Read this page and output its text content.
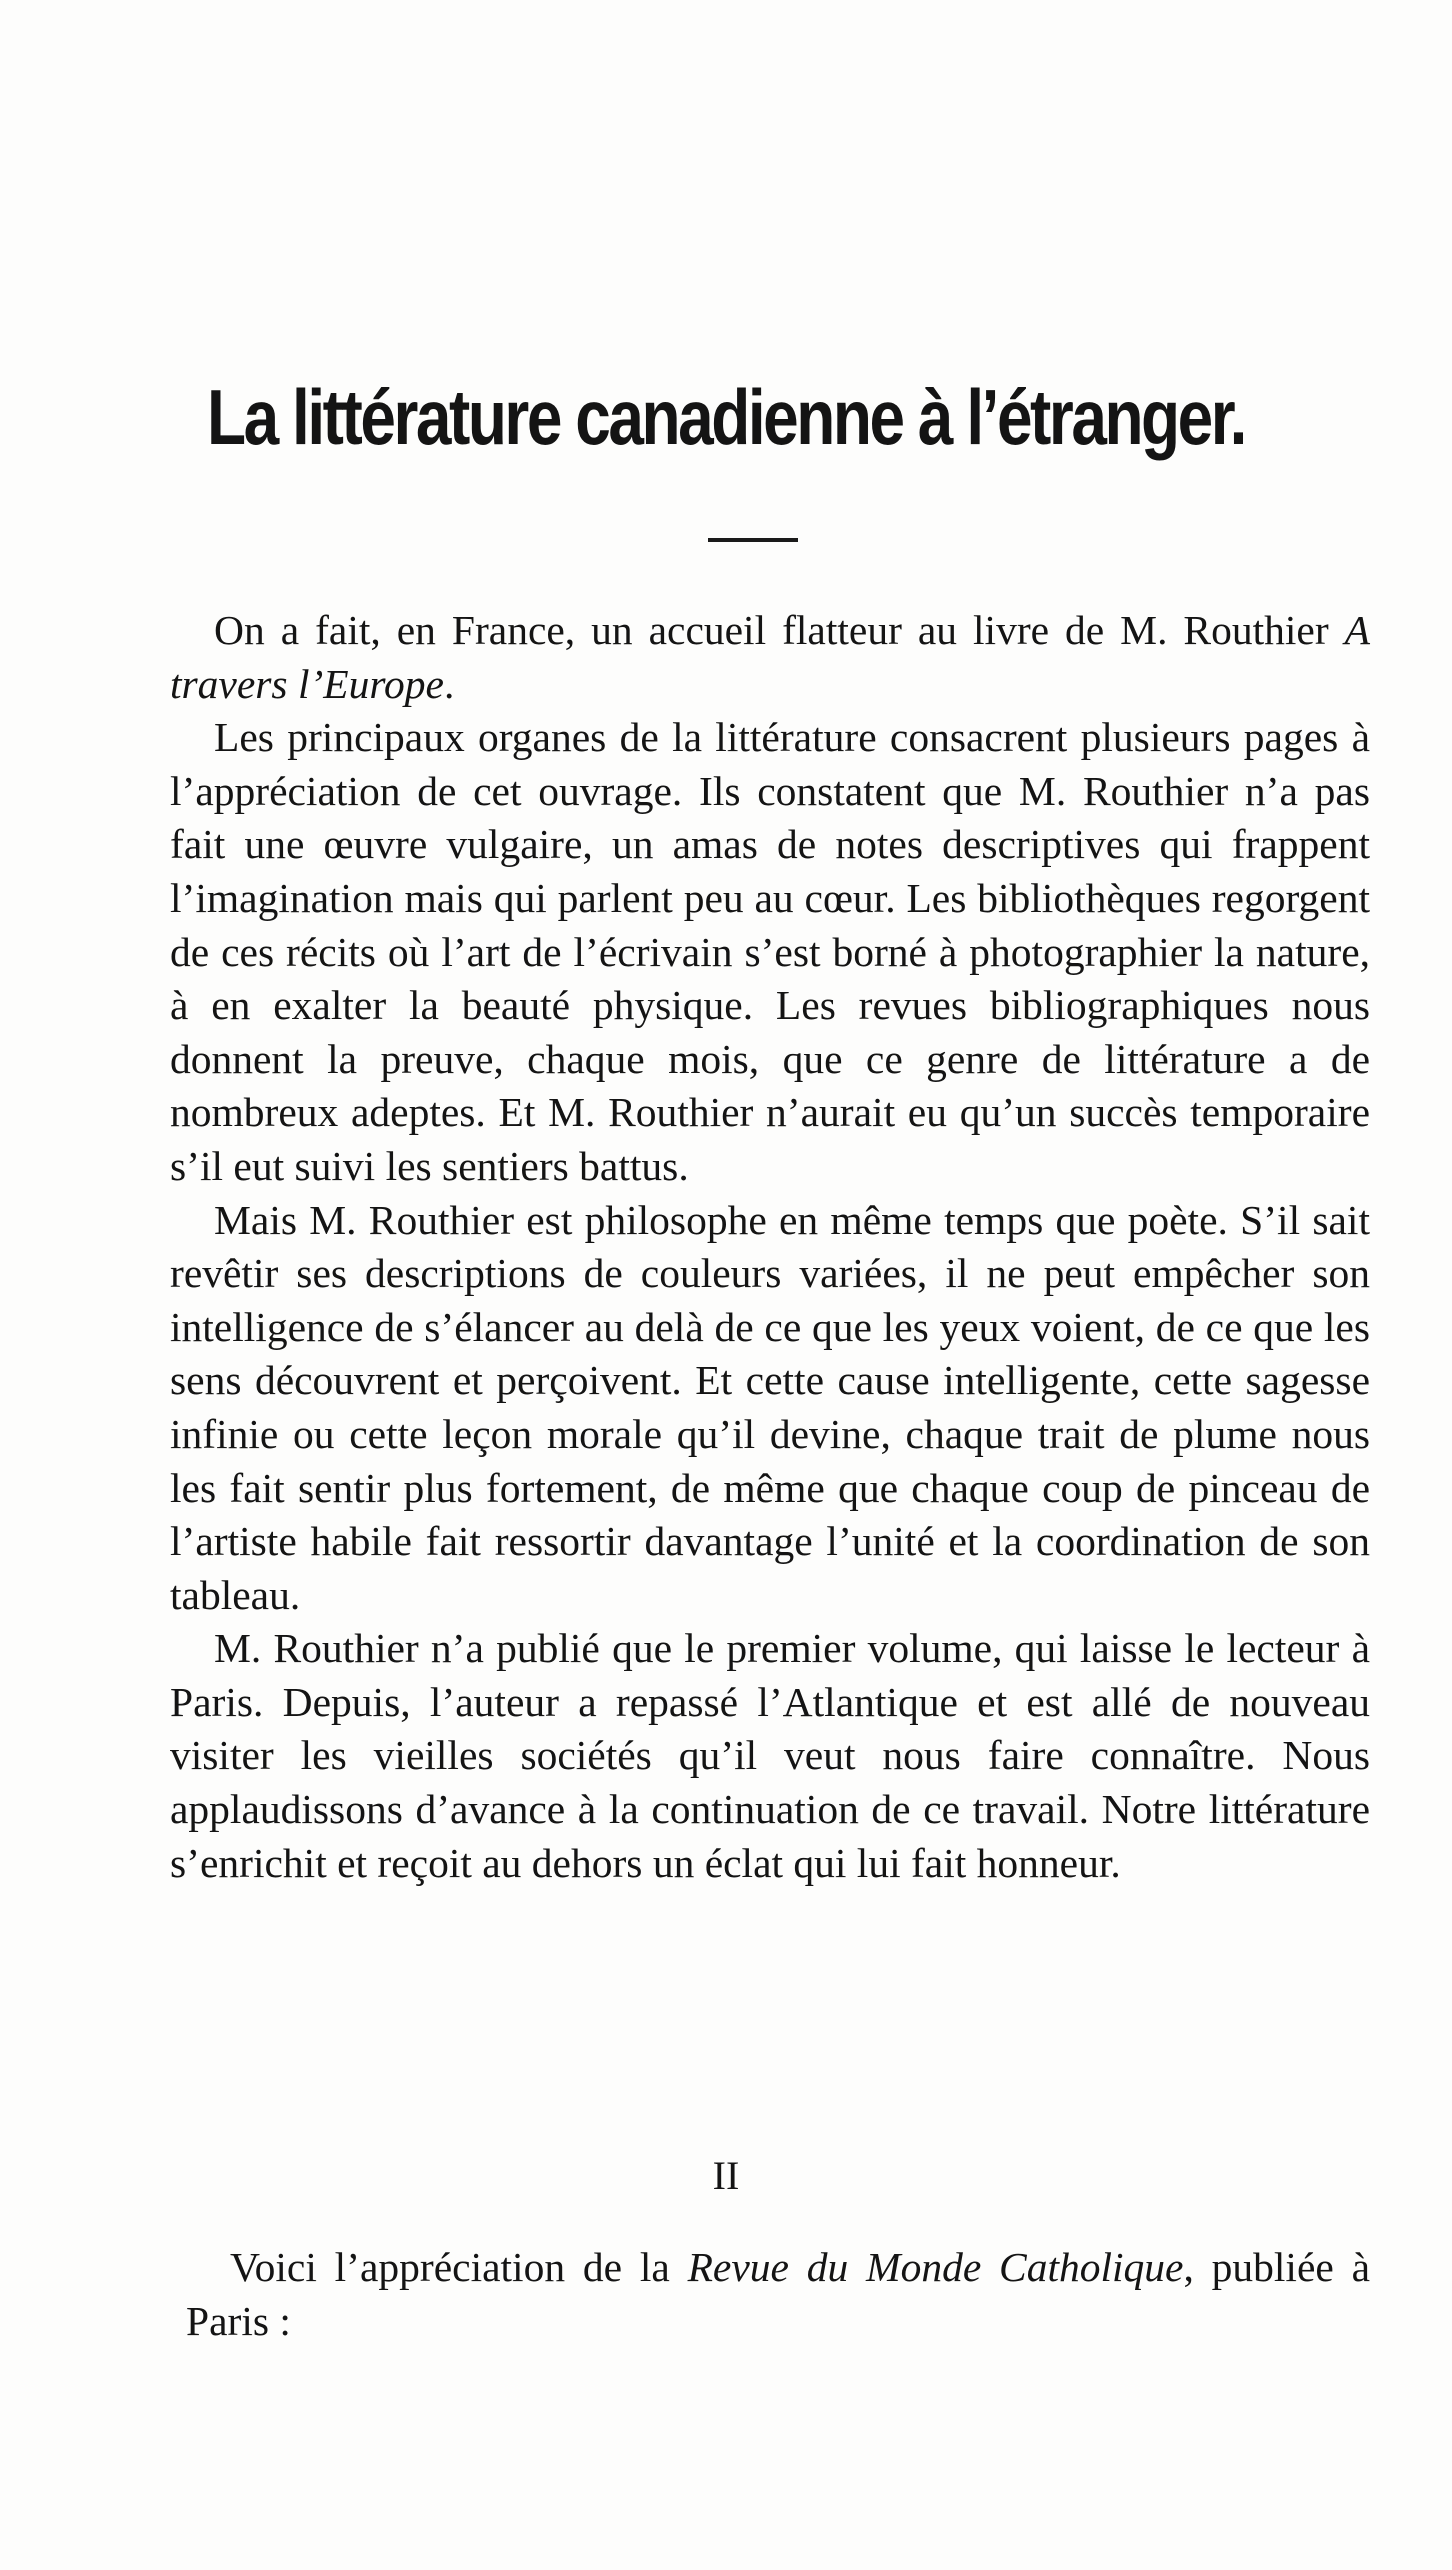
La littérature canadienne à l’étranger.

On a fait, en France, un accueil flatteur au livre de M. Routhier A travers l’Europe.

Les principaux organes de la littérature consacrent plusieurs pages à l’appréciation de cet ouvrage. Ils constatent que M. Routhier n’a pas fait une œuvre vulgaire, un amas de notes descriptives qui frappent l’imagination mais qui parlent peu au cœur. Les bibliothèques regorgent de ces récits où l’art de l’écrivain s’est borné à photographier la nature, à en exalter la beauté physique. Les revues bibliographiques nous donnent la preuve, chaque mois, que ce genre de littérature a de nombreux adeptes. Et M. Routhier n’aurait eu qu’un succès temporaire s’il eut suivi les sentiers battus.

Mais M. Routhier est philosophe en même temps que poète. S’il sait revêtir ses descriptions de couleurs variées, il ne peut empêcher son intelligence de s’élancer au delà de ce que les yeux voient, de ce que les sens découvrent et perçoivent. Et cette cause intelligente, cette sagesse infinie ou cette leçon morale qu’il devine, chaque trait de plume nous les fait sentir plus fortement, de même que chaque coup de pinceau de l’artiste habile fait ressortir davantage l’unité et la coordination de son tableau.

M. Routhier n’a publié que le premier volume, qui laisse le lecteur à Paris. Depuis, l’auteur a repassé l’Atlantique et est allé de nouveau visiter les vieilles sociétés qu’il veut nous faire connaître. Nous applaudissons d’avance à la continuation de ce travail. Notre littérature s’enrichit et reçoit au dehors un éclat qui lui fait honneur.

II

Voici l’appréciation de la Revue du Monde Catholique, publiée à Paris :
